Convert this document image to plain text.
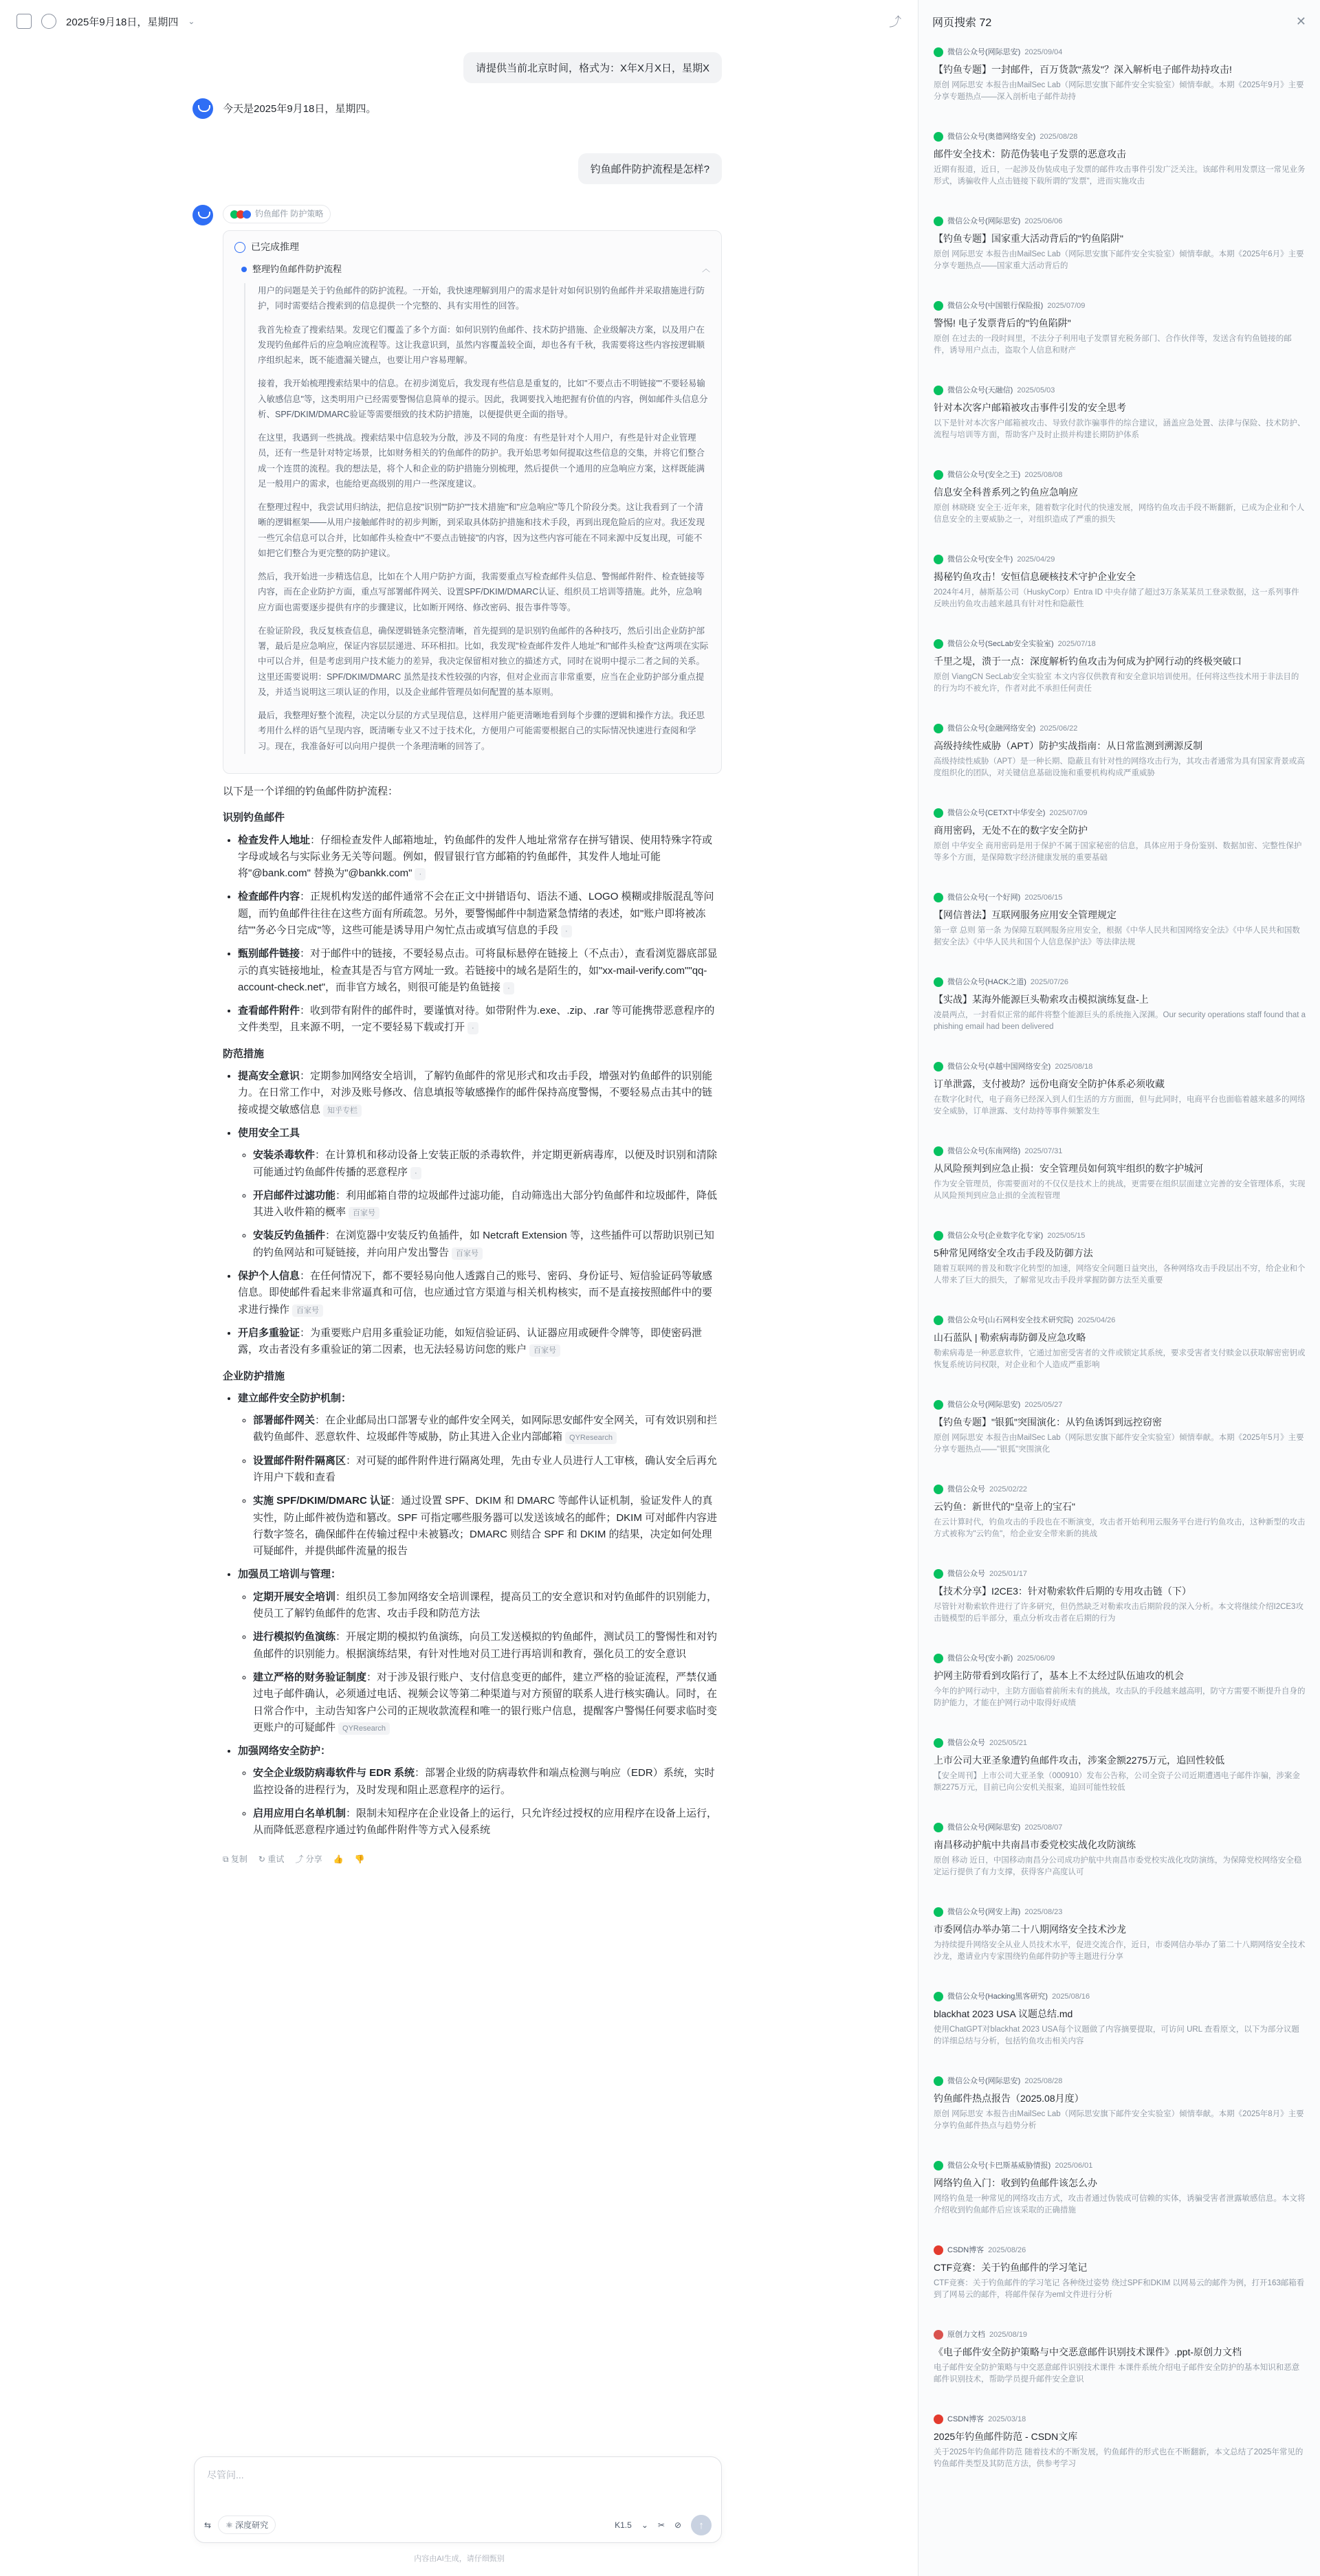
2025年9月18日，星期四 ⌄	⤴
请提供当前北京时间，格式为：X年X月X日，星期X
今天是2025年9月18日，星期四。
钓鱼邮件防护流程是怎样?
钓鱼邮件 防护策略
已完成推理
整理钓鱼邮件防护流程	︿

用户的问题是关于钓鱼邮件的防护流程。一开始，我快速理解到用户的需求是针对如何识别钓鱼邮件并采取措施进行防护，同时需要结合搜索到的信息提供一个完整的、具有实用性的回答。

我首先检查了搜索结果。发现它们覆盖了多个方面：如何识别钓鱼邮件、技术防护措施、企业级解决方案，以及用户在发现钓鱼邮件后的应急响应流程等。这让我意识到，虽然内容覆盖较全面，却也各有千秋，我需要将这些内容按逻辑顺序组织起来，既不能遗漏关键点，也要让用户容易理解。

接着，我开始梳理搜索结果中的信息。在初步浏览后，我发现有些信息是重复的，比如"不要点击不明链接""不要轻易输入敏感信息"等，这类明用户已经需要警惕信息简单的提示。因此，我调要找入地把握有价值的内容，例如邮件头信息分析、SPF/DKIM/DMARC验证等需要细致的技术防护措施，以便提供更全面的指导。

在这里，我遇到一些挑战。搜索结果中信息较为分散，涉及不同的角度：有些是针对个人用户，有些是针对企业管理员，还有一些是针对特定场景，比如财务相关的钓鱼邮件的防护。我开始思考如何提取这些信息的交集，并将它们整合成一个连贯的流程。我的想法是，将个人和企业的防护措施分别梳理，然后提供一个通用的应急响应方案，这样既能满足一般用户的需求，也能给更高级别的用户一些深度建议。

在整理过程中，我尝试用归纳法，把信息按"识别""防护""技术措施"和"应急响应"等几个阶段分类。这让我看到了一个清晰的逻辑框架——从用户接触邮件时的初步判断，到采取具体防护措施和技术手段，再到出现危险后的应对。我还发现一些冗余信息可以合并，比如邮件头检查中"不要点击链接"的内容，因为这些内容可能在不同来源中反复出现，可能不如把它们整合为更完整的防护建议。

然后，我开始进一步精选信息，比如在个人用户防护方面，我需要重点写检查邮件头信息、警惕邮件附件、检查链接等内容，而在企业防护方面，重点写部署邮件网关、设置SPF/DKIM/DMARC认证、组织员工培训等措施。此外，应急响应方面也需要逐步提供有序的步骤建议，比如断开网络、修改密码、报告事件等等。

在验证阶段，我反复核查信息，确保逻辑链条完整清晰，首先提到的是识别钓鱼邮件的各种技巧，然后引出企业防护部署，最后是应急响应，保证内容层层递进、环环相扣。比如，我发现"检查邮件发件人地址"和"邮件头检查"这两项在实际中可以合并，但是考虑到用户技术能力的差异，我决定保留相对独立的描述方式，同时在说明中提示二者之间的关系。这里还需要说明：SPF/DKIM/DMARC 虽然是技术性较强的内容，但对企业而言非常重要，应当在企业防护部分重点提及，并适当说明这三项认证的作用，以及企业邮件管理员如何配置的基本原则。

最后，我整理好整个流程，决定以分层的方式呈现信息，这样用户能更清晰地看到每个步骤的逻辑和操作方法。我还思考用什么样的语气呈现内容，既清晰专业又不过于技术化，方便用户可能需要根据自己的实际情况快速进行查阅和学习。现在，我准备好可以向用户提供一个条理清晰的回答了。

以下是一个详细的钓鱼邮件防护流程：

识别钓鱼邮件
• 检查发件人地址：仔细检查发件人邮箱地址，钓鱼邮件的发件人地址常常存在拼写错误、使用特殊字符或字母或域名与实际业务无关等问题。例如，假冒银行官方邮箱的钓鱼邮件，其发件人地址可能将"@bank.com" 替换为"@bankk.com" ·
• 检查邮件内容：正规机构发送的邮件通常不会在正文中拼错语句、语法不通、LOGO 模糊或排版混乱等问题，而钓鱼邮件往往在这些方面有所疏忽。另外，要警惕邮件中制造紧急情绪的表述，如"账户即将被冻结""务必今日完成"等，这些可能是诱导用户匆忙点击或填写信息的手段 ·
• 甄别邮件链接：对于邮件中的链接，不要轻易点击。可将鼠标悬停在链接上（不点击），查看浏览器底部显示的真实链接地址，检查其是否与官方网址一致。若链接中的域名是陌生的，如"xx-mail-verify.com""qq-account-check.net"，而非官方域名，则很可能是钓鱼链接 ·
• 查看邮件附件：收到带有附件的邮件时，要谨慎对待。如带附件为.exe、.zip、.rar 等可能携带恶意程序的文件类型，且来源不明，一定不要轻易下载或打开 ·
防范措施
• 提高安全意识：定期参加网络安全培训，了解钓鱼邮件的常见形式和攻击手段，增强对钓鱼邮件的识别能力。在日常工作中，对涉及账号修改、信息填报等敏感操作的邮件保持高度警惕，不要轻易点击其中的链接或提交敏感信息 知乎专栏
• 使用安全工具
◦ 安装杀毒软件：在计算机和移动设备上安装正版的杀毒软件，并定期更新病毒库，以便及时识别和清除可能通过钓鱼邮件传播的恶意程序 ·
◦ 开启邮件过滤功能：利用邮箱自带的垃圾邮件过滤功能，自动筛选出大部分钓鱼邮件和垃圾邮件，降低其进入收件箱的概率 百家号
◦ 安装反钓鱼插件：在浏览器中安装反钓鱼插件，如 Netcraft Extension 等，这些插件可以帮助识别已知的钓鱼网站和可疑链接，并向用户发出警告 百家号
• 保护个人信息：在任何情况下，都不要轻易向他人透露自己的账号、密码、身份证号、短信验证码等敏感信息。即使邮件看起来非常逼真和可信，也应通过官方渠道与相关机构核实，而不是直接按照邮件中的要求进行操作 百家号
• 开启多重验证：为重要账户启用多重验证功能，如短信验证码、认证器应用或硬件令牌等，即使密码泄露，攻击者没有多重验证的第二因素，也无法轻易访问您的账户 百家号
企业防护措施
• 建立邮件安全防护机制：
◦ 部署邮件网关：在企业邮局出口部署专业的邮件安全网关，如网际思安邮件安全网关，可有效识别和拦截钓鱼邮件、恶意软件、垃圾邮件等威胁，防止其进入企业内部邮箱 QYResearch
◦ 设置邮件附件隔离区：对可疑的邮件附件进行隔离处理，先由专业人员进行人工审核，确认安全后再允许用户下载和查看
◦ 实施 SPF/DKIM/DMARC 认证：通过设置 SPF、DKIM 和 DMARC 等邮件认证机制，验证发件人的真实性，防止邮件被伪造和篡改。SPF 可指定哪些服务器可以发送该域名的邮件；DKIM 可对邮件内容进行数字签名，确保邮件在传输过程中未被篡改；DMARC 则结合 SPF 和 DKIM 的结果，决定如何处理可疑邮件，并提供邮件流量的报告
• 加强员工培训与管理：
◦ 定期开展安全培训：组织员工参加网络安全培训课程，提高员工的安全意识和对钓鱼邮件的识别能力，使员工了解钓鱼邮件的危害、攻击手段和防范方法
◦ 进行模拟钓鱼演练：开展定期的模拟钓鱼演练，向员工发送模拟的钓鱼邮件，测试员工的警惕性和对钓鱼邮件的识别能力。根据演练结果，有针对性地对员工进行再培训和教育，强化员工的安全意识
◦ 建立严格的财务验证制度：对于涉及银行账户、支付信息变更的邮件，建立严格的验证流程，严禁仅通过电子邮件确认，必须通过电话、视频会议等第二种渠道与对方预留的联系人进行核实确认。同时，在日常合作中，主动告知客户公司的正规收款流程和唯一的银行账户信息，提醒客户警惕任何要求临时变更账户的可疑邮件 QYResearch
• 加强网络安全防护：
◦ 安全企业级防病毒软件与 EDR 系统：部署企业级的防病毒软件和端点检测与响应（EDR）系统，实时监控设备的进程行为，及时发现和阻止恶意程序的运行。
◦ 启用应用白名单机制：限制未知程序在企业设备上的运行，只允许经过授权的应用程序在设备上运行，从而降低恶意程序通过钓鱼邮件附件等方式入侵系统
⧉ 复制 ↻ 重试 ⤴ 分享 👍 👎
尽管问...
⇆	⚛ 深度研究	K1.5 ⌄ ✂ ⊘	↑
内容由AI生成，请仔细甄别
网页搜索 72	✕
微信公众号(网际思安) 2025/09/04
【钓鱼专题】一封邮件，百万货款"蒸发"？深入解析电子邮件劫持攻击!
原创 网际思安 本报告由MailSec Lab（网际思安旗下邮件安全实验室）倾情奉献。本期《2025年9月》主要分享专题热点——深入剖析电子邮件劫持
微信公众号(奥德网络安全) 2025/08/28
邮件安全技术：防范伪装电子发票的恶意攻击
近期有报道，近日，一起涉及伪装成电子发票的邮件攻击事件引发广泛关注。该邮件利用发票这一常见业务形式，诱骗收件人点击链接下载所谓的"发票"，进而实施攻击
微信公众号(网际思安) 2025/06/06
【钓鱼专题】国家重大活动背后的"钓鱼陷阱"
原创 网际思安 本报告由MailSec Lab（网际思安旗下邮件安全实验室）倾情奉献。本期《2025年6月》主要分享专题热点——国家重大活动背后的
微信公众号(中国银行保险报) 2025/07/09
警惕! 电子发票背后的"钓鱼陷阱"
原创 在过去的一段时间里，不法分子利用电子发票冒充税务部门、合作伙伴等，发送含有钓鱼链接的邮件，诱导用户点击，盗取个人信息和财产
微信公众号(天融信) 2025/05/03
针对本次客户邮箱被攻击事件引发的安全思考
以下是针对本次客户邮箱被攻击、导致付款诈骗事件的综合建议，涵盖应急处置、法律与保险、技术防护、流程与培训等方面，帮助客户及时止损并构建长期防护体系
微信公众号(安全之王) 2025/08/08
信息安全科普系列之钓鱼应急响应
原创 林晓晓 安全王·近年来，随着数字化时代的快速发展，网络钓鱼攻击手段不断翻新，已成为企业和个人信息安全的主要威胁之一，对组织造成了严重的损失
微信公众号(安全牛) 2025/04/29
揭秘钓鱼攻击！安恒信息硬核技术守护企业安全
2024年4月，赫斯基公司（HuskyCorp）Entra ID 中央存储了超过3万条某某员工登录数据，这一系列事件反映出钓鱼攻击越来越具有针对性和隐蔽性
微信公众号(SecLab安全实验室) 2025/07/18
千里之堤，溃于一点：深度解析钓鱼攻击为何成为护网行动的终极突破口
原创 ViangCN SecLab安全实验室 本文内容仅供教育和安全意识培训使用。任何将这些技术用于非法目的的行为均不被允许，作者对此不承担任何责任
微信公众号(金融网络安全) 2025/06/22
高级持续性威胁（APT）防护实战指南：从日常监测到溯源反制
高级持续性威胁（APT）是一种长期、隐蔽且有针对性的网络攻击行为，其攻击者通常为具有国家背景或高度组织化的团队，对关键信息基础设施和重要机构构成严重威胁
微信公众号(CETXT中华安全) 2025/07/09
商用密码，无处不在的数字安全防护
原创 中华安全 商用密码是用于保护不属于国家秘密的信息，具体应用于身份鉴别、数据加密、完整性保护等多个方面，是保障数字经济健康发展的重要基础
微信公众号(一个好网) 2025/06/15
【网信普法】互联网服务应用安全管理规定
第一章 总则 第一条 为保障互联网服务应用安全，根据《中华人民共和国网络安全法》《中华人民共和国数据安全法》《中华人民共和国个人信息保护法》等法律法规
微信公众号(HACK之道) 2025/07/26
【实战】某海外能源巨头勒索攻击模拟演练复盘-上
凌晨两点，一封看似正常的邮件将整个能源巨头的系统拖入深渊。Our security operations staff found that a phishing email had been delivered
微信公众号(卓越中国网络安全) 2025/08/18
订单泄露，支付被劫？远份电商安全防护体系必须收藏
在数字化时代，电子商务已经深入到人们生活的方方面面，但与此同时，电商平台也面临着越来越多的网络安全威胁，订单泄露、支付劫持等事件频繁发生
微信公众号(东南网络) 2025/07/31
从风险预判到应急止损：安全管理员如何筑牢组织的数字护城河
作为安全管理员，你需要面对的不仅仅是技术上的挑战，更需要在组织层面建立完善的安全管理体系，实现从风险预判到应急止损的全流程管理
微信公众号(企业数字化专家) 2025/05/15
5种常见网络安全攻击手段及防御方法
随着互联网的普及和数字化转型的加速，网络安全问题日益突出，各种网络攻击手段层出不穷，给企业和个人带来了巨大的损失，了解常见攻击手段并掌握防御方法至关重要
微信公众号(山石网科安全技术研究院) 2025/04/26
山石蓝队 | 勒索病毒防御及应急攻略
勒索病毒是一种恶意软件，它通过加密受害者的文件或锁定其系统，要求受害者支付赎金以获取解密密钥或恢复系统访问权限，对企业和个人造成严重影响
微信公众号(网际思安) 2025/05/27
【钓鱼专题】"银狐"突围演化：从钓鱼诱饵到远控窃密
原创 网际思安 本报告由MailSec Lab（网际思安旗下邮件安全实验室）倾情奉献。本期《2025年5月》主要分享专题热点——"银狐"突围演化
微信公众号 2025/02/22
云钓鱼：新世代的"皇帝上的宝石"
在云计算时代，钓鱼攻击的手段也在不断演变，攻击者开始利用云服务平台进行钓鱼攻击，这种新型的攻击方式被称为"云钓鱼"，给企业安全带来新的挑战
微信公众号 2025/01/17
【技术分享】I2CE3：针对勒索软件后期的专用攻击链（下）
尽管针对勒索软件进行了许多研究，但仍然缺乏对勒索攻击后期阶段的深入分析。本文将继续介绍I2CE3攻击链模型的后半部分，重点分析攻击者在后期的行为
微信公众号(安小新) 2025/06/09
护网主防带看到攻陷行了，基本上不太经过队伍迪攻的机会
今年的护网行动中，主防方面临着前所未有的挑战，攻击队的手段越来越高明，防守方需要不断提升自身的防护能力，才能在护网行动中取得好成绩
微信公众号 2025/05/21
上市公司大亚圣象遭钓鱼邮件攻击，涉案金额2275万元，追回性较低
【安全周刊】上市公司大亚圣象（000910）发布公告称，公司全资子公司近期遭遇电子邮件诈骗，涉案金额2275万元，目前已向公安机关报案，追回可能性较低
微信公众号(网际思安) 2025/08/07
南昌移动护航中共南昌市委党校实战化攻防演练
原创 移动 近日，中国移动南昌分公司成功护航中共南昌市委党校实战化攻防演练，为保障党校网络安全稳定运行提供了有力支撑，获得客户高度认可
微信公众号(网安上海) 2025/08/23
市委网信办举办第二十八期网络安全技术沙龙
为持续提升网络安全从业人员技术水平，促进交流合作，近日，市委网信办举办了第二十八期网络安全技术沙龙，邀请业内专家围绕钓鱼邮件防护等主题进行分享
微信公众号(Hacking黑客研究) 2025/08/16
blackhat 2023 USA 议题总结.md
使用ChatGPT对blackhat 2023 USA每个议题做了内容摘要提取，可访问 URL 查看原文，以下为部分议题的详细总结与分析，包括钓鱼攻击相关内容
微信公众号(网际思安) 2025/08/28
钓鱼邮件热点报告（2025.08月度）
原创 网际思安 本报告由MailSec Lab（网际思安旗下邮件安全实验室）倾情奉献。本期《2025年8月》主要分享钓鱼邮件热点与趋势分析
微信公众号(卡巴斯基威胁情报) 2025/06/01
网络钓鱼入门：收到钓鱼邮件该怎么办
网络钓鱼是一种常见的网络攻击方式，攻击者通过伪装成可信赖的实体，诱骗受害者泄露敏感信息。本文将介绍收到钓鱼邮件后应该采取的正确措施
CSDN博客 2025/08/26
CTF竞赛：关于钓鱼邮件的学习笔记
CTF竞赛：关于钓鱼邮件的学习笔记 各种绕过姿势 绕过SPF和DKIM 以网易云的邮件为例，打开163邮箱看到了网易云的邮件，将邮件保存为eml文件进行分析
原创力文档 2025/08/19
《电子邮件安全防护策略与中交恶意邮件识别技术课件》.ppt-原创力文档
电子邮件安全防护策略与中交恶意邮件识别技术课件 本课件系统介绍电子邮件安全防护的基本知识和恶意邮件识别技术，帮助学员提升邮件安全意识
CSDN博客 2025/03/18
2025年钓鱼邮件防范 - CSDN文库
关于2025年钓鱼邮件防范 随着技术的不断发展，钓鱼邮件的形式也在不断翻新，本文总结了2025年常见的钓鱼邮件类型及其防范方法，供参考学习
